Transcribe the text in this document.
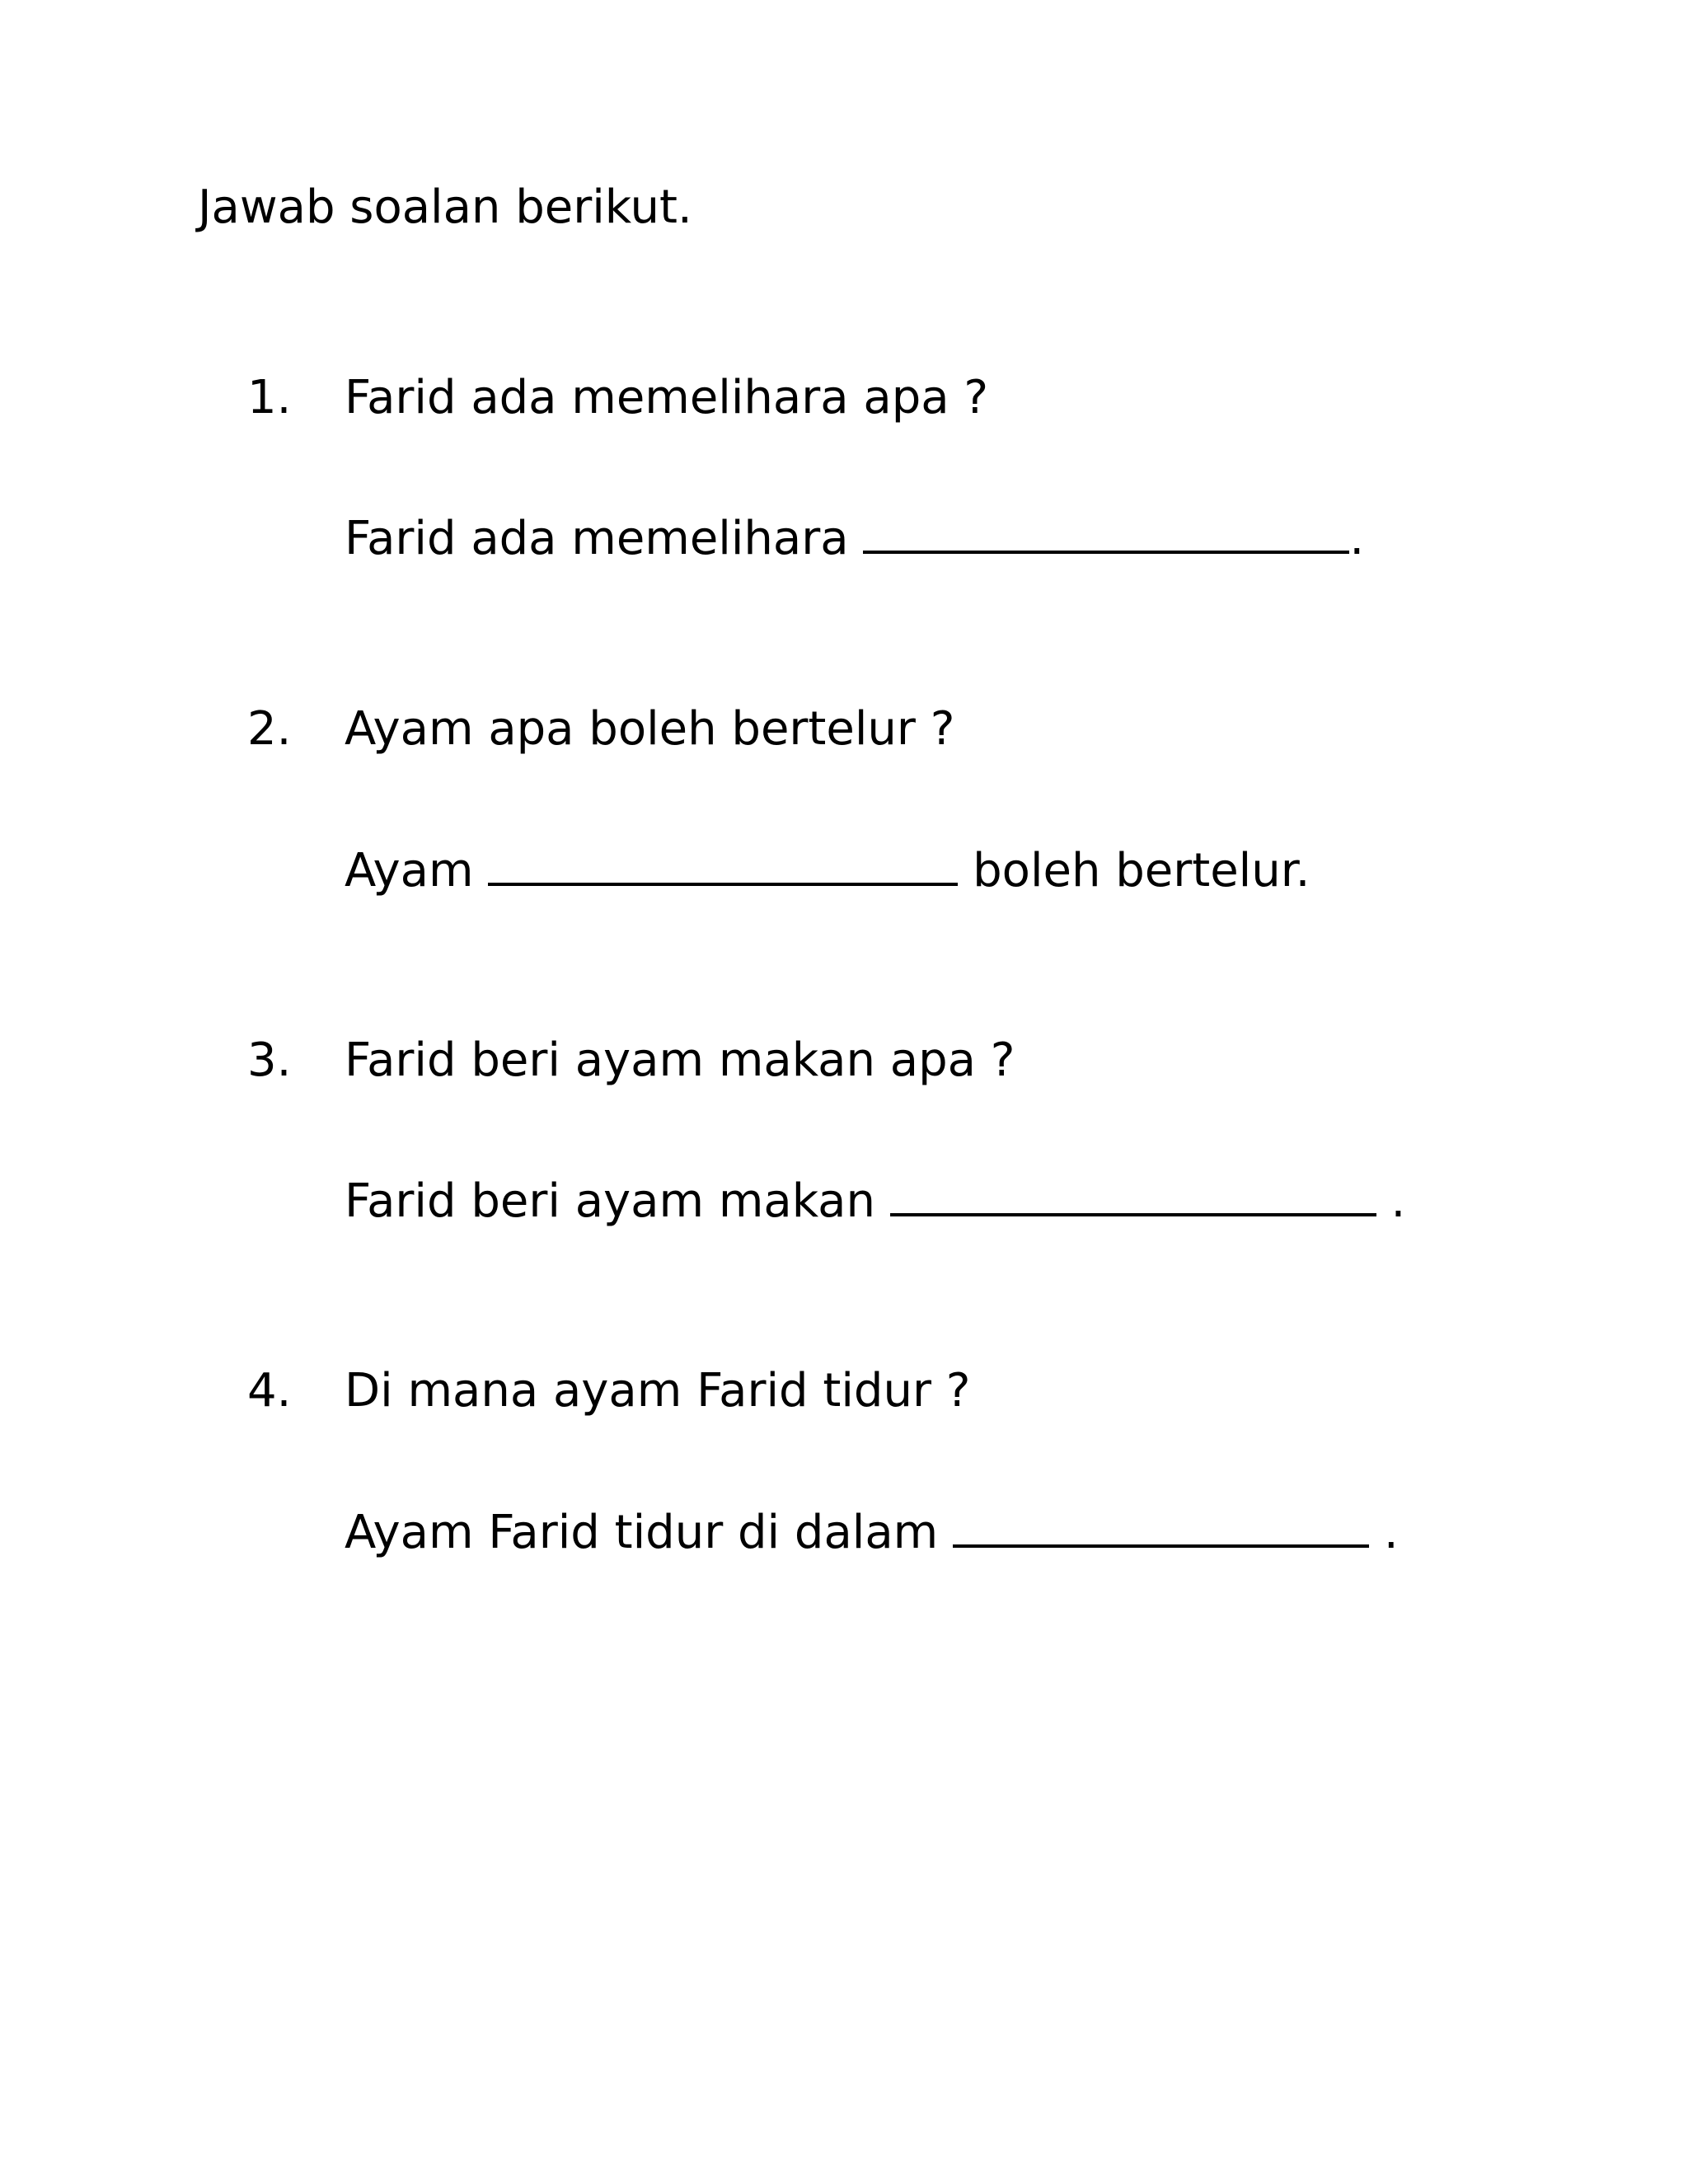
Jawab soalan berikut.
1. Farid ada memelihara apa ?
Farid ada memelihara	.
2. Ayam apa boleh bertelur ?
Ayam	boleh bertelur.
3. Farid beri ayam makan apa ?
Farid beri ayam makan	.
4. Di mana ayam Farid tidur ?
Ayam Farid tidur di dalam	.
